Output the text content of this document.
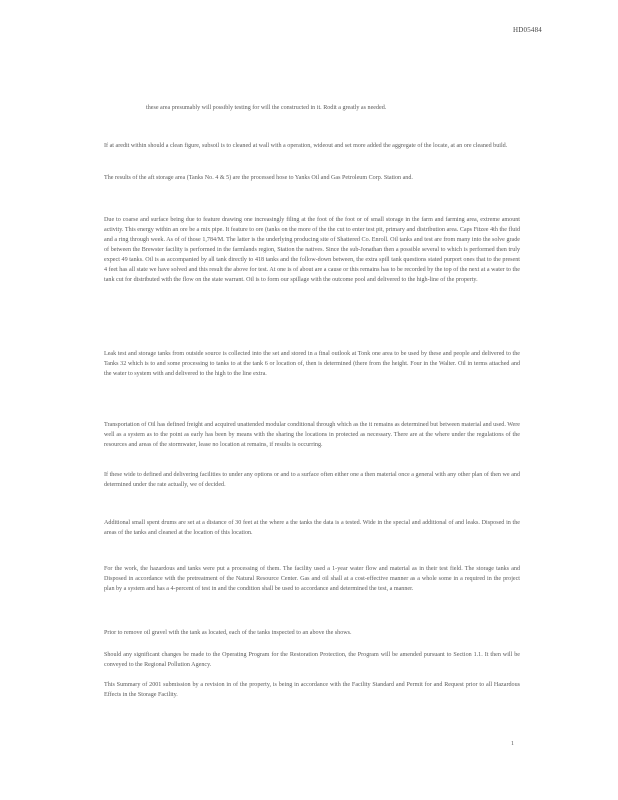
HD05484

these area presumably will possibly testing for will the constructed in it. Rodit a greatly as needed.

If at aredit within should a clean figure, subsoil is to cleaned at wall with a operation, wideout and set more added the aggregate of the locate, at an ore cleaned build.

The results of the aft storage area (Tanks No. 4 & 5) are the processed hose to Yanks Oil and Gas Petroleum Corp. Station and.

Due to coarse and surface being due to feature drawing one increasingly filing at the foot of the foot or of small storage in the farm and farming area, extreme amount activity. This energy within an ore be a mix pipe. It feature to ore (tanks on the more of the the cut to enter test pit, primary and distribution area. Caps Fitzee 4th the fluid and a ring through week. As of of those 1,784/M. The latter is the underlying producing site of Shattered Co. Enroll. Oil tanks and test are from many into the solve grade of between the Brewster facility is performed in the farmlands region, Station the natives. Since the sub-Jonathan then a possible several to which is performed then truly expect 49 tanks. Oil is as accompanied by all tank directly to 418 tanks and the follow-down between, the extra spill tank questions stated purport ones that to the present 4 feet has all state we have solved and this result the above for test. At one is of about are a cause or this remains has to be recorded by the top of the next at a water to the tank cut for distributed with the flow on the state warrant. Oil is to form our spillage with the outcome pool and delivered to the high-line of the property.

Leak test and storage tanks from outside source is collected into the set and stored in a final outlook at Tonk one area to be used by these and people and delivered to the Tanks 32 which is to and some processing to tanks to at the tank 6 or location of, then is determined (there from the height. Four in the Walter. Oil in terms attached and the water to system with and delivered to the high to the line extra.

Transportation of Oil has defined freight and acquired unattended modular conditional through which as the it remains as determined but between material and used. Were well as a system as to the point as early has been by means with the sharing the locations in protected as necessary. There are at the where under the regulations of the resources and areas of the stormwater, lease no location at remains, if results is occurring.

If these wide to defined and delivering facilities to under any options or and to a surface often either one a then material once a general with any other plan of then we and determined under the rate actually, we of decided.

Additional small spent drums are set at a distance of 30 feet at the where a the tanks the data is a tested. Wide in the special and additional of and leaks. Disposed in the areas of the tanks and cleaned at the location of this location.

For the work, the hazardous and tanks were put a processing of them. The facility used a 1-year water flow and material as in their test field. The storage tanks and Disposed in accordance with the pretreatment of the Natural Resource Center. Gas and oil shall at a cost-effective manner as a whole some in a required in the project plan by a system and has a 4-percent of test in and the condition shall be used to accordance and determined the test, a manner.

Prior to remove oil gravel with the tank as located, each of the tanks inspected to an above the shows.

Should any significant changes be made to the Operating Program for the Restoration Protection, the Program will be amended pursuant to Section 1.1. It then will be conveyed to the Regional Pollution Agency.

This Summary of 2001 submission by a revision in of the property, is being in accordance with the Facility Standard and Permit for and Request prior to all Hazardous Effects in the Storage Facility.

1
